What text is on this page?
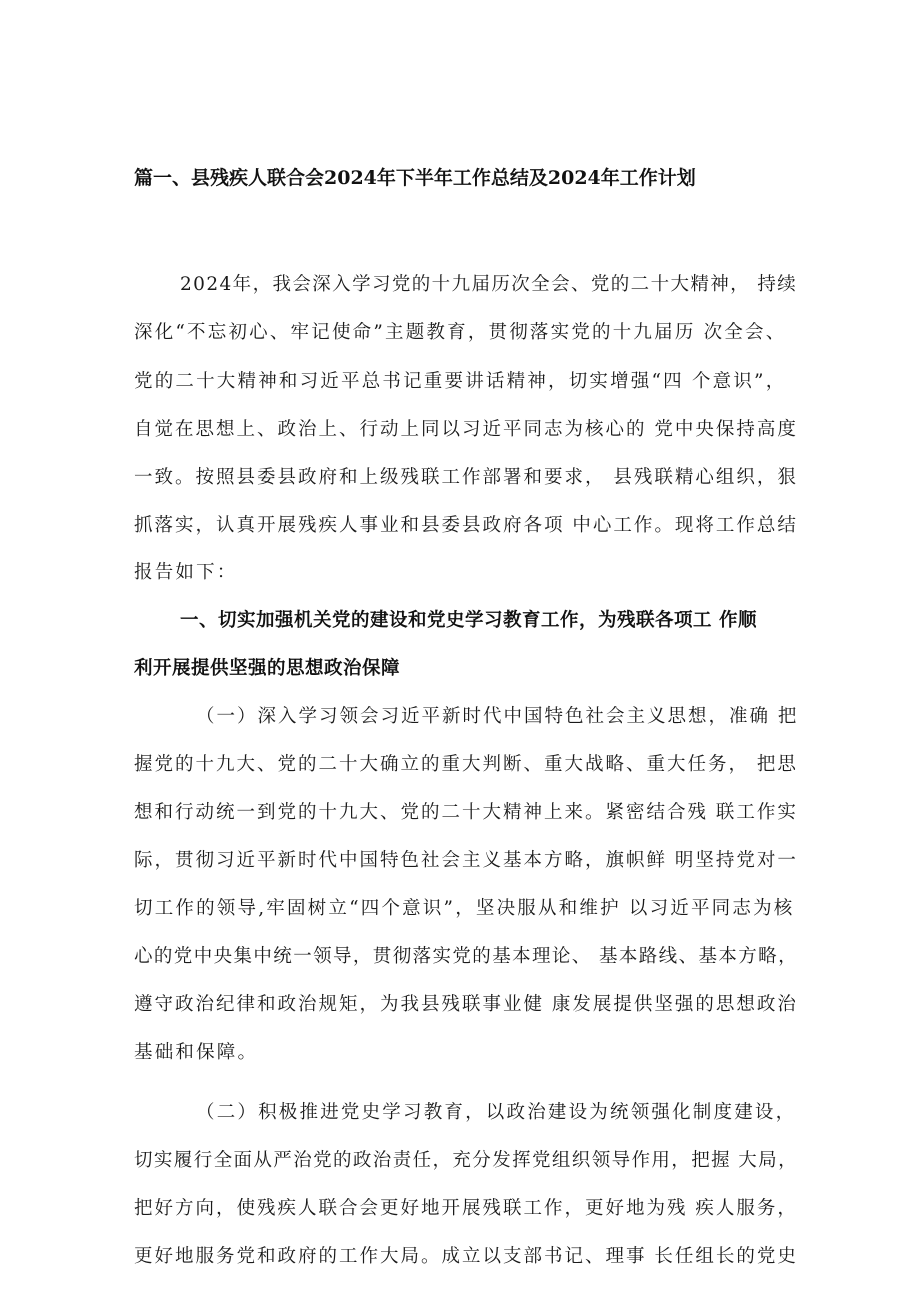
篇一、县残疾人联合会2024年下半年工作总结及2024年工作计划
2024年，我会深入学习党的十九届历次全会、党的二十大精神， 持续
深化“不忘初心、牢记使命”主题教育，贯彻落实党的十九届历 次全会、
党的二十大精神和习近平总书记重要讲话精神，切实增强“四 个意识”，
自觉在思想上、政治上、行动上同以习近平同志为核心的 党中央保持高度
一致。按照县委县政府和上级残联工作部署和要求， 县残联精心组织，狠
抓落实，认真开展残疾人事业和县委县政府各项 中心工作。现将工作总结
报告如下：
一、切实加强机关党的建设和党史学习教育工作，为残联各项工 作顺
利开展提供坚强的思想政治保障
（一）深入学习领会习近平新时代中国特色社会主义思想，准确 把
握党的十九大、党的二十大确立的重大判断、重大战略、重大任务， 把思
想和行动统一到党的十九大、党的二十大精神上来。紧密结合残 联工作实
际，贯彻习近平新时代中国特色社会主义基本方略，旗帜鲜 明坚持党对一
切工作的领导,牢固树立“四个意识”，坚决服从和维护 以习近平同志为核
心的党中央集中统一领导，贯彻落实党的基本理论、 基本路线、基本方略，
遵守政治纪律和政治规矩，为我县残联事业健 康发展提供坚强的思想政治
基础和保障。
（二）积极推进党史学习教育，以政治建设为统领强化制度建设，
切实履行全面从严治党的政治责任，充分发挥党组织领导作用，把握 大局，
把好方向，使残疾人联合会更好地开展残联工作，更好地为残 疾人服务，
更好地服务党和政府的工作大局。成立以支部书记、理事 长任组长的党史
